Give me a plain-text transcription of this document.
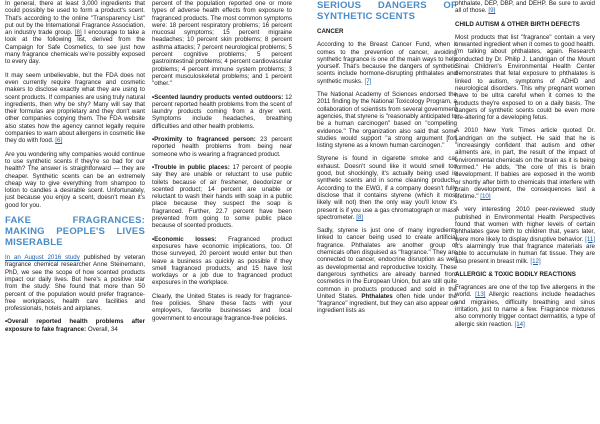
In general, there at least 3,000 ingredients that could possibly be used to form a product's scent. That's according to the online "Transparency List" put out by the International Fragrance Association, an industry trade group. [8] I encourage to take a look at the following list, derived from the Campaign for Safe Cosmetics, to see just how many fragrance chemicals we're possibly exposed to every day.

It may seem unbelievable, but the FDA does not even currently require fragrance and cosmetic makers to disclose exactly what they are using to scent products. If companies are using truly natural ingredients, then why be shy? Many will say that their formulas are proprietary and they don't want other companies copying them. The FDA website also states how the agency cannot legally require companies to warn about allergens in cosmetic like they do with food. [6]

Are you wondering why companies would continue to use synthetic scents if they're so bad for our health? The answer is straightforward — they are cheaper. Synthetic scents can be an extremely cheap way to give everything from shampoo to lotion to candles a desirable scent. Unfortunately, just because you enjoy a scent, doesn't mean it's good for you.

FAKE FRAGRANCES: MAKING PEOPLE'S LIVES MISERABLE

In an August 2016 study published by veteran fragrance chemical researcher Anne Steinemann, PhD, we see the scope of how scented products impact our daily lives. But here's a positive star from the study: She found that more than 50 percent of the population would prefer fragrance-free workplaces, health care facilities and professionals, hotels and airplanes.

•Overall reported health problems after exposure to fake fragrance: Overall, 34

percent of the population reported one or more types of adverse health effects from exposure to fragranced products. The most common symptoms were: 18 percent respiratory problems; 16 percent mucosal symptoms; 15 percent migraine headaches; 10 percent skin problems; 8 percent asthma attacks; 7 percent neurological problems; 5 percent cognitive problems; 5 percent gastrointestinal problems; 4 percent cardiovascular problems; 4 percent immune system problems; 3 percent musculoskeletal problems; and 1 percent "other."

•Scented laundry products vented outdoors: 12 percent reported health problems from the scent of laundry products coming from a dryer vent. Symptoms include headaches, breathing difficulties and other health problems.

•Proximity to fragranced person: 23 percent reported health problems from being near someone who is wearing a fragranced product.

•Trouble in public places: 17 percent of people say they are unable or reluctant to use public toilets because of air freshener, deodorizer or scented product; 14 percent are unable or reluctant to wash their hands with soap in a public place because they suspect the soap is fragranced. Further, 22.7 percent have been prevented from going to some public place because of scented products.

•Economic losses: Fragranced product exposures have economic implications, too. Of those surveyed, 20 percent would enter but then leave a business as quickly as possible if they smell fragranced products, and 15 have lost workdays or a job due to fragranced product exposures in the workplace.

Clearly, the United States is ready for fragrance-free policies. Share these facts with your employers, favorite businesses and local government to encourage fragrance-free policies.

SERIOUS DANGERS OF SYNTHETIC SCENTS
CANCER

According to the Breast Cancer Fund, when it comes to the prevention of cancer, avoiding synthetic fragrance is one of the main ways to help yourself. That's because the dangers of synthetic scents include hormone-disrupting phthalates and synthetic musks. [7]

The National Academy of Sciences endorsed the 2011 finding by the National Toxicology Program, a collaboration of scientists from several government agencies, that styrene is "reasonably anticipated to be a human carcinogen" based on "compelling evidence." The organization also said that some studies would support "a strong argument [for] listing styrene as a known human carcinogen."

Styrene is found in cigarette smoke and car exhaust. Doesn't sound like it would smell too good, but shockingly, it's actually being used in synthetic scents and in some cleaning products. According to the EWG, if a company doesn't fully disclose that it contains styrene (which it most likely will not) then the only way you'll know it's present is if you use a gas chromatograph or mass spectrometer. [8]

Sadly, styrene is just one of many ingredients linked to cancer being used to create artificial fragrance. Phthalates are another group of chemicals often disguised as "fragrance." They are connected to cancer, endocrine disruption as well as developmental and reproductive toxicity. These dangerous synthetics are already banned from cosmetics in the European Union, but are still quite common in products produced and sold in the United States. Phthalates often hide under the "fragrance" ingredient, but they can also appear on ingredient lists as

phthalate, DEP, DBP, and DEHP. Be sure to avoid all of those. [9]

CHILD AUTISM & OTHER BIRTH DEFECTS

Most products that list "fragrance" contain a very unwanted ingredient when it comes to good health. I'm talking about phthalates, again. Research conducted by Dr. Philip J. Landrigan of the Mount Sinai Children's Environmental Health Center demonstrates that fetal exposure to phthalates is linked to autism, symptoms of ADHD and neurological disorders. This why pregnant women have to be ultra careful when it comes to the products they're exposed to on a daily basis. The dangers of synthetic scents could be even more life-altering for a developing fetus.

A 2010 New York Times article quoted Dr. Landrigan on the subject. He said that he is "increasingly confident that autism and other ailments are, in part, the result of the impact of environmental chemicals on the brain as it is being formed." He adds, "the core of this is brain development. If babies are exposed in the womb or shortly after birth to chemicals that interfere with brain development, the consequences last a lifetime." [10]

A very interesting 2010 peer-reviewed study published in Environmental Health Perspectives found that women with higher levels of certain phthalates gave birth to children that, years later, were more likely to display disruptive behavior. [11] It's alarmingly true that fragrance materials are able to accumulate in human fat tissue. They are also present in breast milk. [12]

ALLERGIC & TOXIC BODILY REACTIONS

Fragrances are one of the top five allergens in the world. [13] Allergic reactions include headaches and migraines, difficulty breathing and sinus irritation, just to name a few. Fragrance mixtures also commonly trigger contact dermatitis, a type of allergic skin reaction. [14]
